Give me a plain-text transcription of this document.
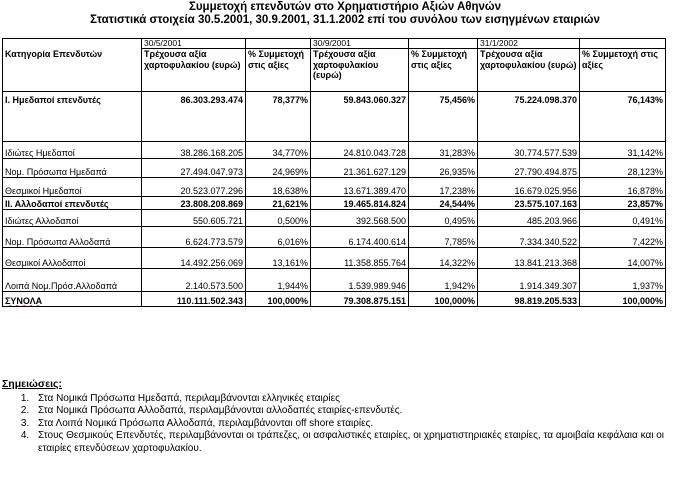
Συμμετοχή επενδυτών στο Χρηματιστήριο Αξιών Αθηνών
Στατιστικά στοιχεία 30.5.2001, 30.9.2001, 31.1.2002 επί του συνόλου των εισηγμένων εταιριών
	30/5/2001		30/9/2001		31/1/2002	
Κατηγορία Επενδυτών	Τρέχουσα αξία χαρτοφυλακίου (ευρώ)	% Συμμετοχή στις αξίες	Τρέχουσα αξία χαρτοφυλακίου (ευρώ)	% Συμμετοχή στις αξίες	Τρέχουσα αξία χαρτοφυλακίου (ευρώ)	% Συμμετοχή στις αξίες
Ι. Ημεδαποί επενδυτές	86.303.293.474	78,377%	59.843.060.327	75,456%	75.224.098.370	76,143%
Ιδιώτες Ημεδαποί	38.286.168.205	34,770%	24.810.043.728	31,283%	30.774.577.539	31,142%
Νομ. Πρόσωπα Ημεδαπά	27.494.047.973	24,969%	21.361.627.129	26,935%	27.790.494.875	28,123%
Θεσμικοί Ημεδαποί	20.523.077.296	18,638%	13.671.389.470	17,238%	16.679.025.956	16,878%
ΙΙ. Αλλοδαποί επενδυτές	23.808.208.869	21,621%	19.465.814.824	24,544%	23.575.107.163	23,857%
Ιδιώτες Αλλοδαποί	550.605.721	0,500%	392.568.500	0,495%	485.203.966	0,491%
Νομ. Πρόσωπα Αλλοδαπά	6.624.773.579	6,016%	6.174.400.614	7,785%	7.334.340.522	7,422%
Θεσμικοί Αλλοδαποί	14.492.256.069	13,161%	11.358.855.764	14,322%	13.841.213.368	14,007%
Λοιπά Νομ.Πρόσ.Αλλοδαπά	2.140.573.500	1,944%	1.539.989.946	1,942%	1.914.349.307	1,937%
ΣΥΝΟΛΑ	110.111.502.343	100,000%	79.308.875.151	100,000%	98.819.205.533	100,000%
Σημειώσεις:
1. Στα Νομικά Πρόσωπα Ημεδαπά, περιλαμβάνονται ελληνικές εταιρίες
2. Στα Νομικά Πρόσωπα Αλλοδαπά, περιλαμβάνονται αλλοδαπές εταιρίες-επενδυτές.
3. Στα Λοιπά Νομικά Πρόσωπα Αλλοδαπά, περιλαμβάνονται off shore εταιρίες.
4. Στους Θεσμικούς Επενδυτές, περιλαμβάνονται οι τράπεζες, οι ασφαλιστικές εταιρίες, οι χρηματιστηριακές εταιρίες, τα αμοιβαία κεφάλαια και οι εταιρίες επενδύσεων χαρτοφυλακίου.
